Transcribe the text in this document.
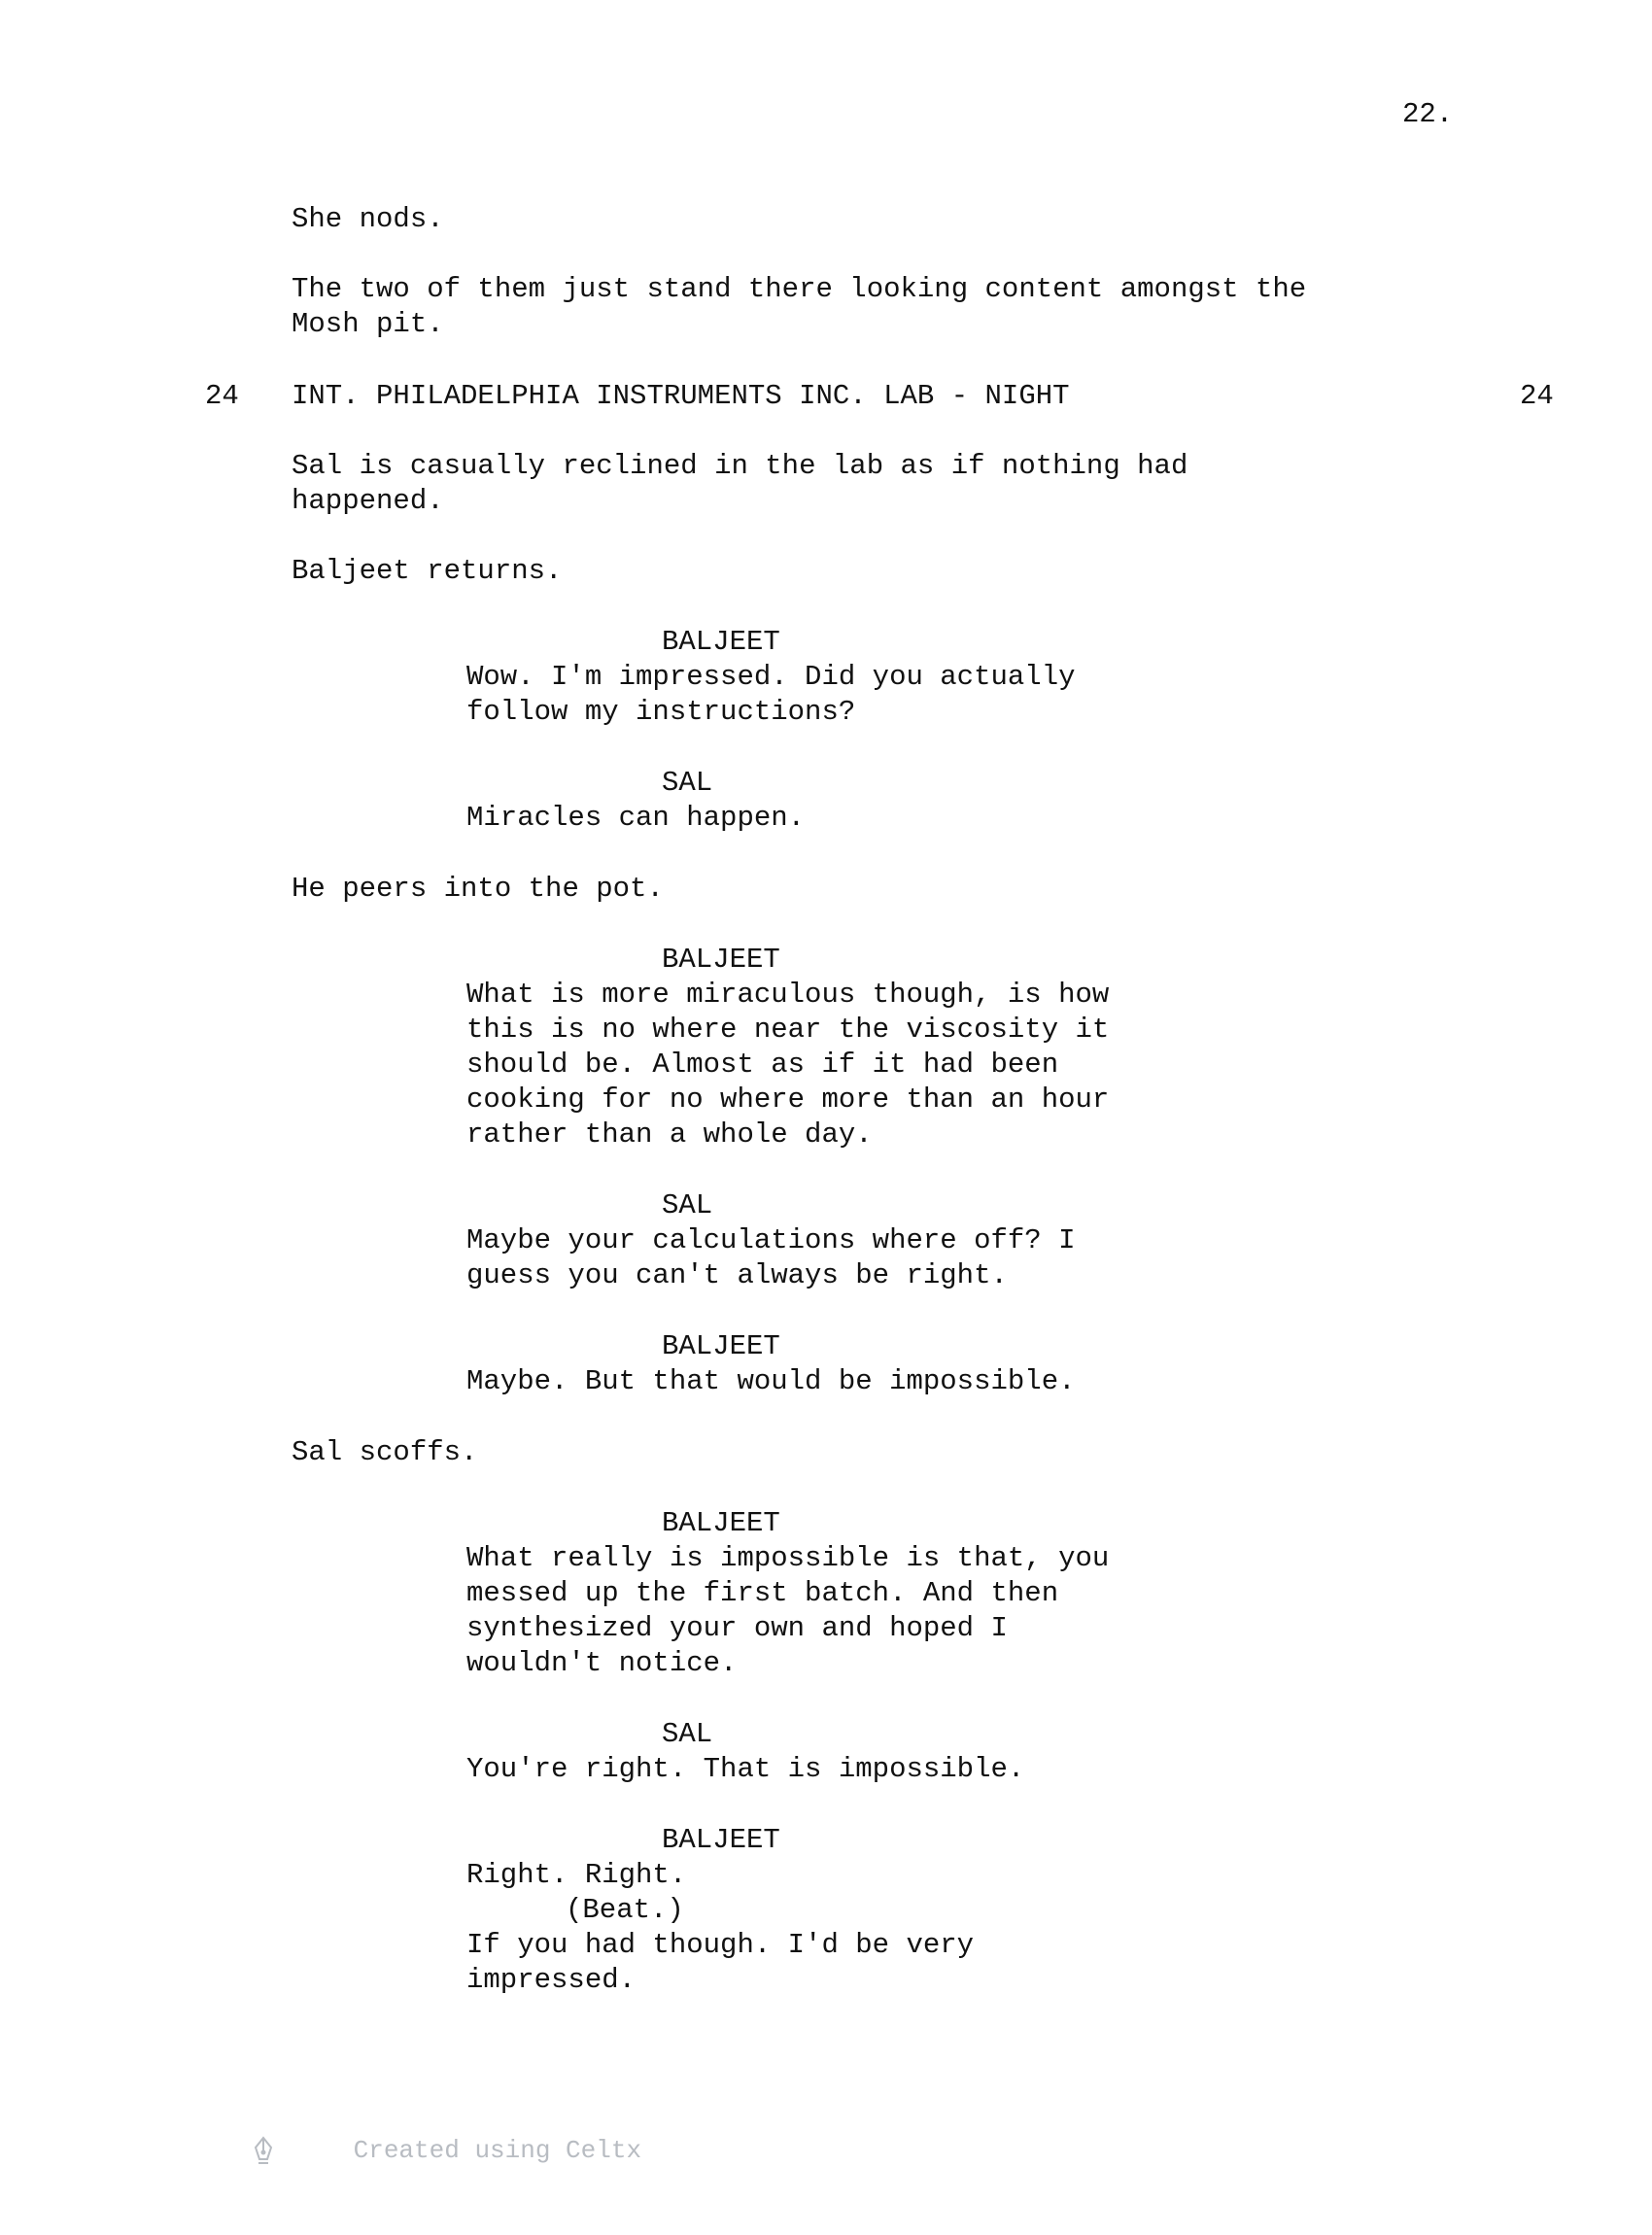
22.

She nods.

The two of them just stand there looking content amongst the

Mosh pit.

24 INT. PHILADELPHIA INSTRUMENTS INC. LAB - NIGHT	24

Sal is casually reclined in the lab as if nothing had

happened.

Baljeet returns.

BALJEET

Wow. I'm impressed. Did you actually

follow my instructions?

SAL

Miracles can happen.

He peers into the pot.

BALJEET

What is more miraculous though, is how

this is no where near the viscosity it

should be. Almost as if it had been

cooking for no where more than an hour

rather than a whole day.

SAL

Maybe your calculations where off? I

guess you can't always be right.

BALJEET

Maybe. But that would be impossible.

Sal scoffs.

BALJEET

What really is impossible is that, you

messed up the first batch. And then

synthesized your own and hoped I

wouldn't notice.

SAL

You're right. That is impossible.

BALJEET

Right. Right.

(Beat.)

If you had though. I'd be very

impressed.

Created using Celtx
